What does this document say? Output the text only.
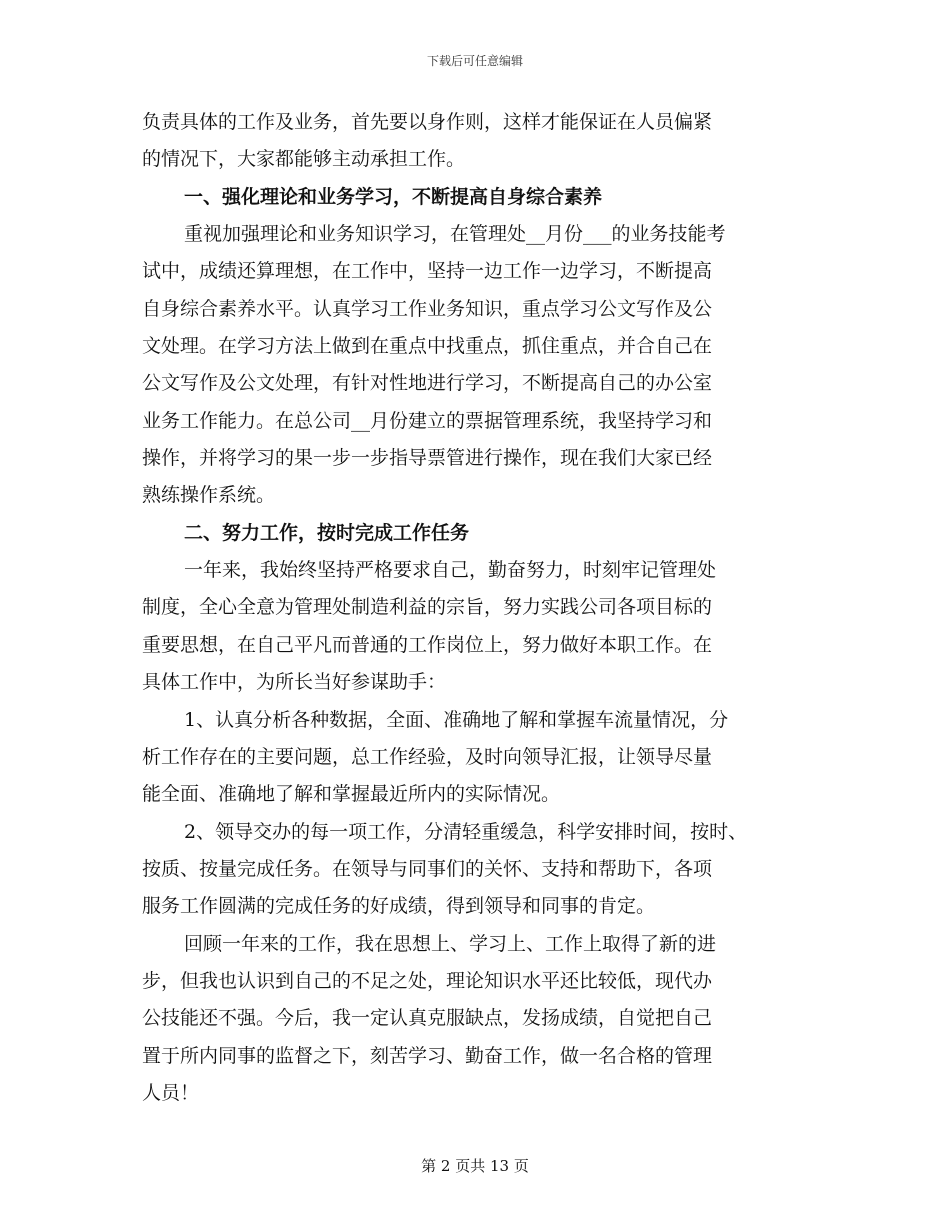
下载后可任意编辑
负责具体的工作及业务，首先要以身作则，这样才能保证在人员偏紧
的情况下，大家都能够主动承担工作。
一、强化理论和业务学习，不断提高自身综合素养
重视加强理论和业务知识学习，在管理处__月份___的业务技能考
试中，成绩还算理想，在工作中，坚持一边工作一边学习，不断提高
自身综合素养水平。认真学习工作业务知识，重点学习公文写作及公
文处理。在学习方法上做到在重点中找重点，抓住重点，并合自己在
公文写作及公文处理，有针对性地进行学习，不断提高自己的办公室
业务工作能力。在总公司__月份建立的票据管理系统，我坚持学习和
操作，并将学习的果一步一步指导票管进行操作，现在我们大家已经
熟练操作系统。
二、努力工作，按时完成工作任务
一年来，我始终坚持严格要求自己，勤奋努力，时刻牢记管理处
制度，全心全意为管理处制造利益的宗旨，努力实践公司各项目标的
重要思想，在自己平凡而普通的工作岗位上，努力做好本职工作。在
具体工作中，为所长当好参谋助手：
1、认真分析各种数据，全面、准确地了解和掌握车流量情况，分
析工作存在的主要问题，总工作经验，及时向领导汇报，让领导尽量
能全面、准确地了解和掌握最近所内的实际情况。
2、领导交办的每一项工作，分清轻重缓急，科学安排时间，按时、
按质、按量完成任务。在领导与同事们的关怀、支持和帮助下，各项
服务工作圆满的完成任务的好成绩，得到领导和同事的肯定。
回顾一年来的工作，我在思想上、学习上、工作上取得了新的进
步，但我也认识到自己的不足之处，理论知识水平还比较低，现代办
公技能还不强。今后，我一定认真克服缺点，发扬成绩，自觉把自己
置于所内同事的监督之下，刻苦学习、勤奋工作，做一名合格的管理
人员！
第 2 页共 13 页
